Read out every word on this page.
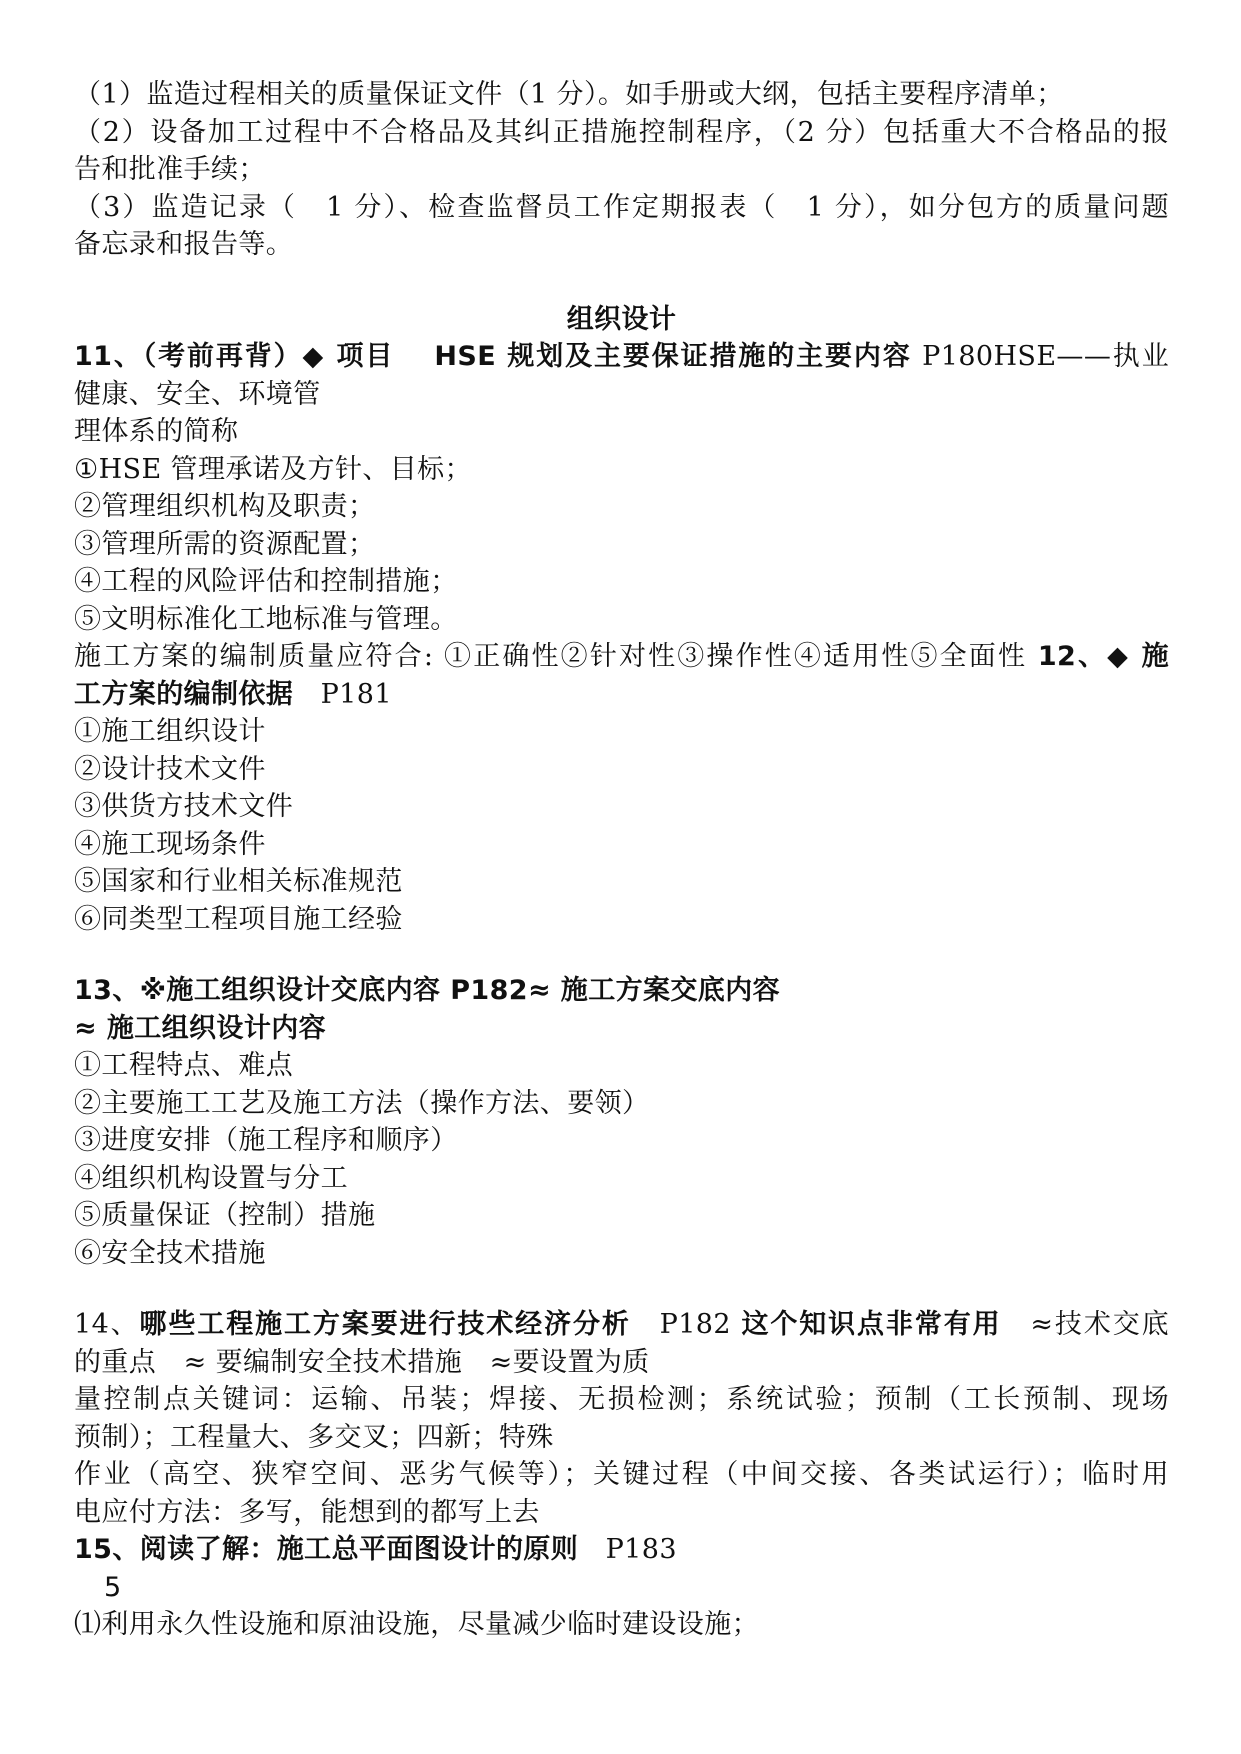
（1）监造过程相关的质量保证文件（1 分）。如手册或大纲，包括主要程序清单；
（2）设备加工过程中不合格品及其纠正措施控制程序，（2 分）包括重大不合格品的报
告和批准手续；
（3）监造记录（　1 分）、检查监督员工作定期报表（　1 分），如分包方的质量问题
备忘录和报告等。
组织设计
11、（考前再背）◆ 项目　 HSE 规划及主要保证措施的主要内容 P180HSE——执业
健康、安全、环境管
理体系的简称
①HSE 管理承诺及方针、目标；
②管理组织机构及职责；
③管理所需的资源配置；
④工程的风险评估和控制措施；
⑤文明标准化工地标准与管理。
施工方案的编制质量应符合: ①正确性②针对性③操作性④适用性⑤全面性 12、◆ 施
工方案的编制依据　 P181
①施工组织设计
②设计技术文件
③供货方技术文件
④施工现场条件
⑤国家和行业相关标准规范
⑥同类型工程项目施工经验
13、※施工组织设计交底内容 P182≈ 施工方案交底内容
≈ 施工组织设计内容
①工程特点、难点
②主要施工工艺及施工方法（操作方法、要领）
③进度安排（施工程序和顺序）
④组织机构设置与分工
⑤质量保证（控制）措施
⑥安全技术措施
14、哪些工程施工方案要进行技术经济分析　 P182 这个知识点非常有用　 ≈技术交底
的重点　≈ 要编制安全技术措施　≈要设置为质
量控制点关键词：运输、吊装；焊接、无损检测；系统试验；预制（工长预制、现场
预制）；工程量大、多交叉；四新；特殊
作业（高空、狭窄空间、恶劣气候等）；关键过程（中间交接、各类试运行）；临时用
电应付方法：多写，能想到的都写上去
15、阅读了解：施工总平面图设计的原则　 P183
5
⑴利用永久性设施和原油设施，尽量减少临时建设设施；
